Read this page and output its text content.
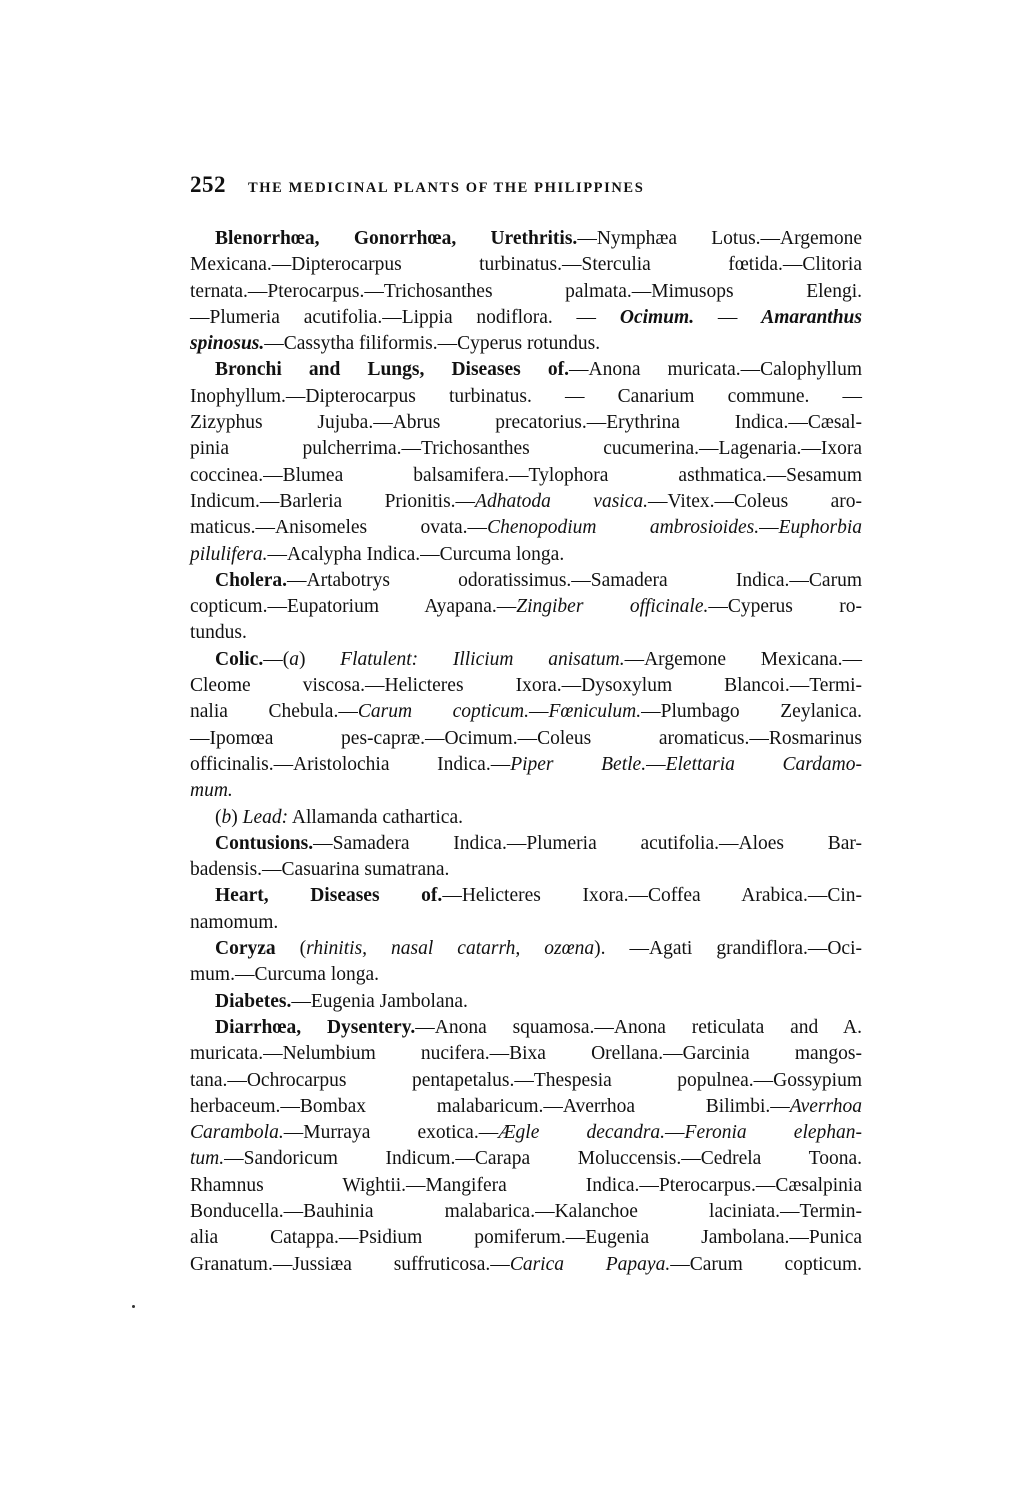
252 THE MEDICINAL PLANTS OF THE PHILIPPINES
Blenorrhœa, Gonorrhœa, Urethritis.—Nymphæa Lotus.—Argemone
Mexicana.—Dipterocarpus turbinatus.—Sterculia fœtida.—Clitoria
ternata.—Pterocarpus.—Trichosanthes palmata.—Mimusops Elengi.
—Plumeria acutifolia.—Lippia nodiflora. — Ocimum. — Amaranthus
spinosus.—Cassytha filiformis.—Cyperus rotundus.
Bronchi and Lungs, Diseases of.—Anona muricata.—Calophyllum
Inophyllum.—Dipterocarpus turbinatus. — Canarium commune. —
Zizyphus Jujuba.—Abrus precatorius.—Erythrina Indica.—Cæsal-
pinia pulcherrima.—Trichosanthes cucumerina.—Lagenaria.—Ixora
coccinea.—Blumea balsamifera.—Tylophora asthmatica.—Sesamum
Indicum.—Barleria Prionitis.—Adhatoda vasica.—Vitex.—Coleus aro-
maticus.—Anisomeles ovata.—Chenopodium ambrosioides.—Euphorbia
pilulifera.—Acalypha Indica.—Curcuma longa.
Cholera.—Artabotrys odoratissimus.—Samadera Indica.—Carum
copticum.—Eupatorium Ayapana.—Zingiber officinale.—Cyperus ro-
tundus.
Colic.—(a) Flatulent: Illicium anisatum.—Argemone Mexicana.—
Cleome viscosa.—Helicteres Ixora.—Dysoxylum Blancoi.—Termi-
nalia Chebula.—Carum copticum.—Fœniculum.—Plumbago Zeylanica.
—Ipomœa pes-capræ.—Ocimum.—Coleus aromaticus.—Rosmarinus
officinalis.—Aristolochia Indica.—Piper Betle.—Elettaria Cardamo-
mum.
(b) Lead: Allamanda cathartica.
Contusions.—Samadera Indica.—Plumeria acutifolia.—Aloes Bar-
badensis.—Casuarina sumatrana.
Heart, Diseases of.—Helicteres Ixora.—Coffea Arabica.—Cin-
namomum.
Coryza (rhinitis, nasal catarrh, ozœna). —Agati grandiflora.—Oci-
mum.—Curcuma longa.
Diabetes.—Eugenia Jambolana.
Diarrhœa, Dysentery.—Anona squamosa.—Anona reticulata and A.
muricata.—Nelumbium nucifera.—Bixa Orellana.—Garcinia mangos-
tana.—Ochrocarpus pentapetalus.—Thespesia populnea.—Gossypium
herbaceum.—Bombax malabaricum.—Averrhoa Bilimbi.—Averrhoa
Carambola.—Murraya exotica.—Ægle decandra.—Feronia elephan-
tum.—Sandoricum Indicum.—Carapa Moluccensis.—Cedrela Toona.
Rhamnus Wightii.—Mangifera Indica.—Pterocarpus.—Cæsalpinia
Bonducella.—Bauhinia malabarica.—Kalanchoe laciniata.—Termin-
alia Catappa.—Psidium pomiferum.—Eugenia Jambolana.—Punica
Granatum.—Jussiæa suffruticosa.—Carica Papaya.—Carum copticum.
